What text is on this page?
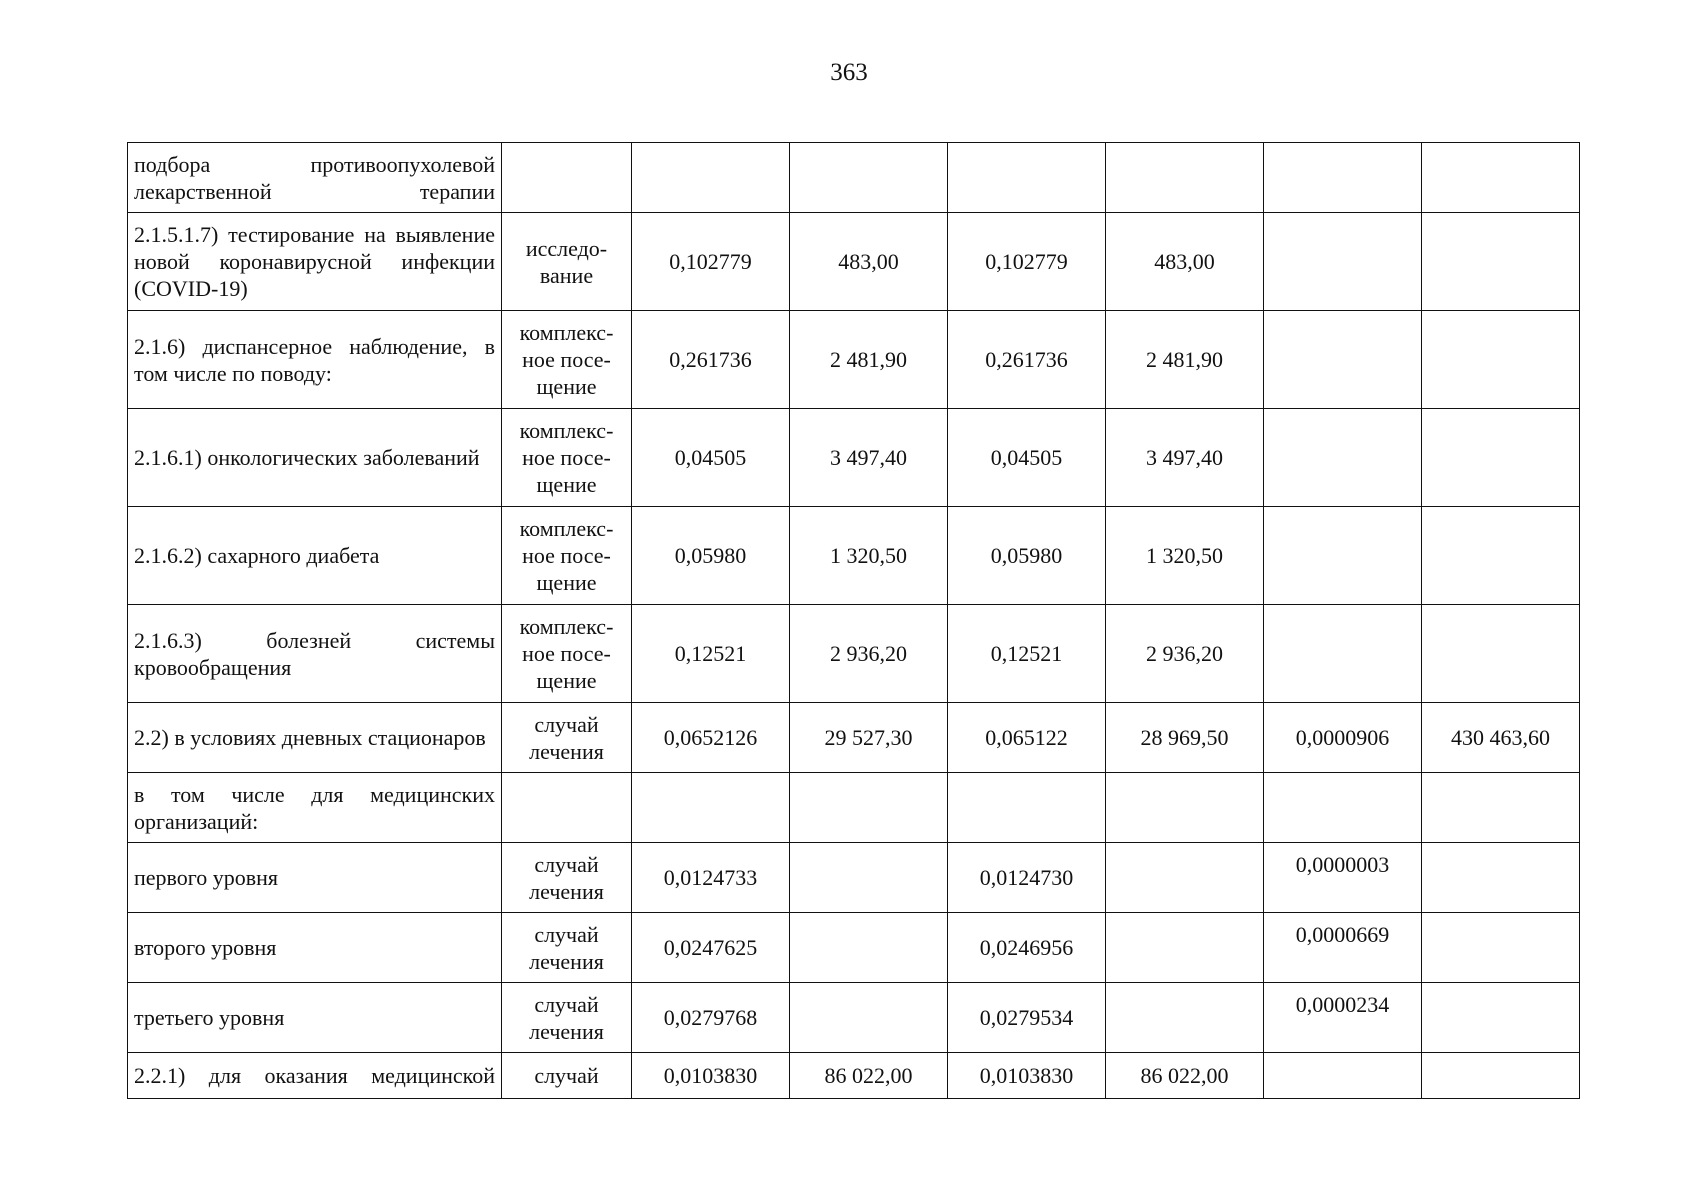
363
подбора противоопухолевой лекарственной терапии							
2.1.5.1.7) тестирование на выявление новой коронавирусной инфекции (COVID-19)	исследо-вание	0,102779	483,00	0,102779	483,00		
2.1.6) диспансерное наблюдение, в том числе по поводу:	комплекс-ное посе-щение	0,261736	2 481,90	0,261736	2 481,90		
2.1.6.1) онкологических заболеваний	комплекс-ное посе-щение	0,04505	3 497,40	0,04505	3 497,40		
2.1.6.2) сахарного диабета	комплекс-ное посе-щение	0,05980	1 320,50	0,05980	1 320,50		
2.1.6.3) болезней системы кровообращения	комплекс-ное посе-щение	0,12521	2 936,20	0,12521	2 936,20		
2.2) в условиях дневных стационаров	случай лечения	0,0652126	29 527,30	0,065122	28 969,50	0,0000906	430 463,60
в том числе для медицинских организаций:							
первого уровня	случай лечения	0,0124733		0,0124730		0,0000003	
второго уровня	случай лечения	0,0247625		0,0246956		0,0000669	
третьего уровня	случай лечения	0,0279768		0,0279534		0,0000234	
2.2.1) для оказания медицинской	случай	0,0103830	86 022,00	0,0103830	86 022,00		
